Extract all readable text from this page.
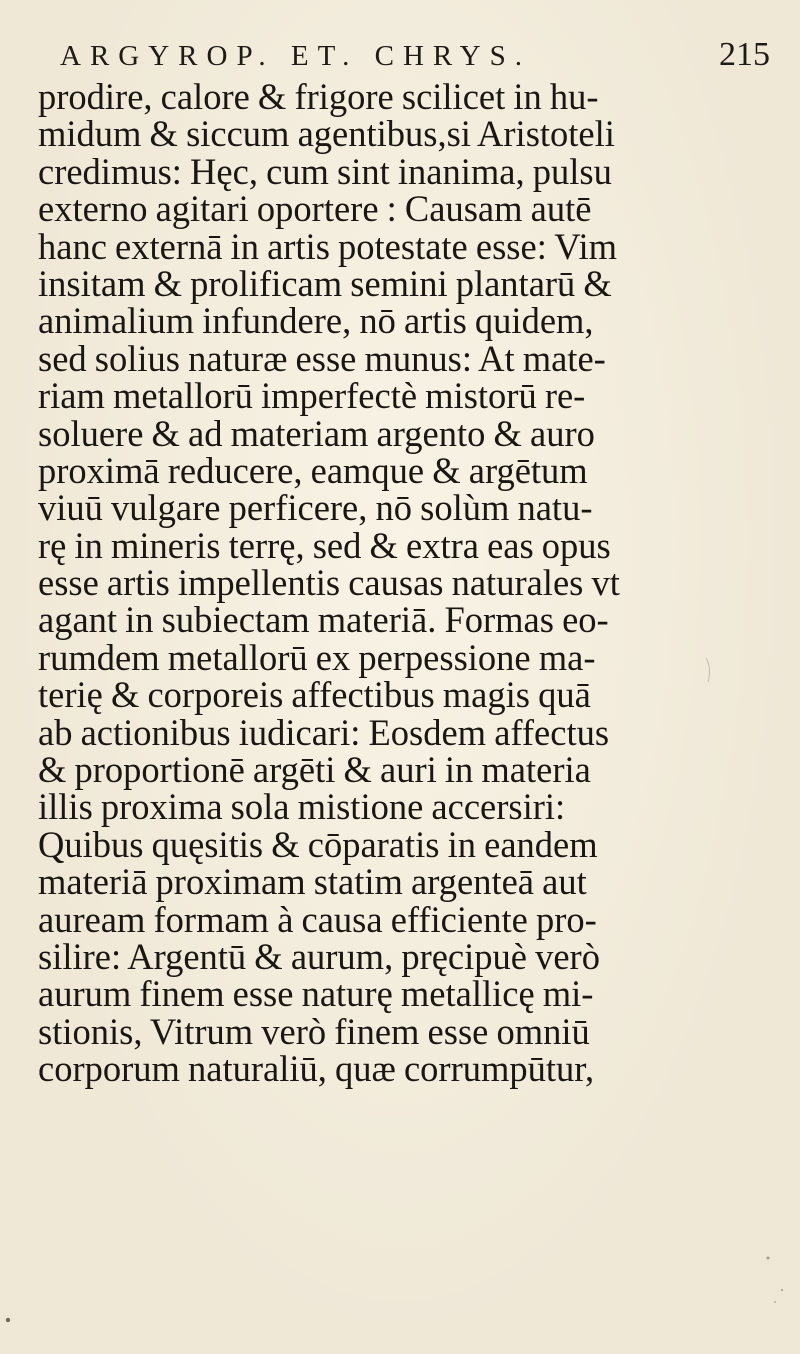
ARGYROP. ET. CHRYS.	215
prodire, calore & frigore scilicet in hu-
midum & siccum agentibus,si Aristoteli
credimus: Hęc, cum sint inanima, pulsu
externo agitari oportere : Causam autē
hanc externā in artis potestate esse: Vim
insitam & prolificam semini plantarū &
animalium infundere, nō artis quidem,
sed solius naturæ esse munus: At mate-
riam metallorū imperfectè mistorū re-
soluere & ad materiam argento & auro
proximā reducere, eamque & argētum
viuū vulgare perficere, nō solùm natu-
rę in mineris terrę, sed & extra eas opus
esse artis impellentis causas naturales vt
agant in subiectam materiā. Formas eo-
rumdem metallorū ex perpessione ma-
terię & corporeis affectibus magis quā
ab actionibus iudicari: Eosdem affectus
& proportionē argēti & auri in materia
illis proxima sola mistione accersiri:
Quibus quęsitis & cōparatis in eandem
materiā proximam statim argenteā aut
auream formam à causa efficiente pro-
silire: Argentū & aurum, pręcipuè verò
aurum finem esse naturę metallicę mi-
stionis, Vitrum verò finem esse omniū
corporum naturaliū, quæ corrumpūtur,
